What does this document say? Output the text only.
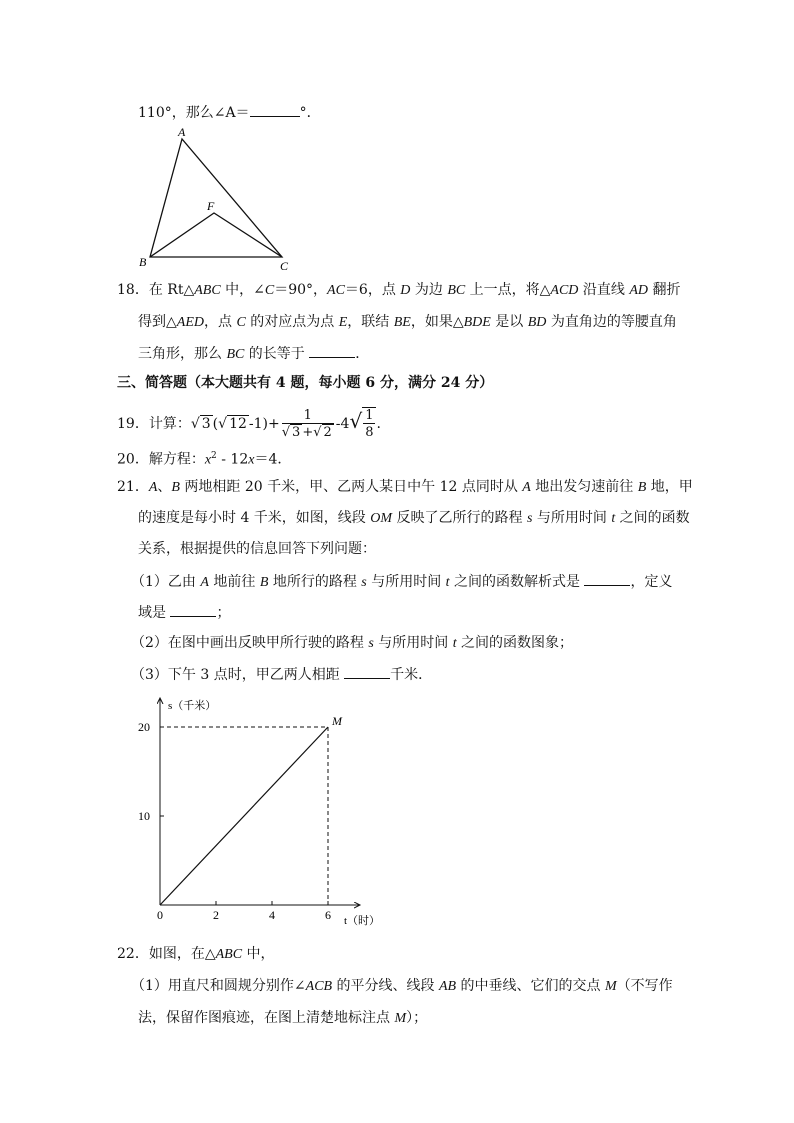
110°，那么∠A＝	°．
A
B	C
F
18．在 Rt△ABC 中，∠C＝90°，AC＝6，点 D 为边 BC 上一点，将△ACD 沿直线 AD 翻折
得到△AED，点 C 的对应点为点 E，联结 BE，如果△BDE 是以 BD 为直角边的等腰直角
三角形，那么 BC 的长等于	．
三、简答题（本大题共有 4 题，每小题 6 分，满分 24 分）
19．计算：√ 3 (√ 12 $-1)+ \frac{1}{√ 3 +√ 2} -4√ \frac{1}{8}$ .
20．解方程：$x^2 - 12x=4$．
21．A、B 两地相距 20 千米，甲、乙两人某日中午 12 点同时从 A 地出发匀速前往 B 地，甲
的速度是每小时 4 千米，如图，线段 OM 反映了乙所行的路程 s 与所用时间 t 之间的函数
关系，根据提供的信息回答下列问题：
（1）乙由 A 地前往 B 地所行的路程 s 与所用时间 t 之间的函数解析式是	，定义
域是	；
（2）在图中画出反映甲所行驶的路程 s 与所用时间 t 之间的函数图象；
（3）下午 3 点时，甲乙两人相距	千米．
s（千米）
t（时）
0	2	4	6
10
20	M
22．如图，在△ABC 中，
（1）用直尺和圆规分别作∠ACB 的平分线、线段 AB 的中垂线、它们的交点 M（不写作
法，保留作图痕迹，在图上清楚地标注点 M）；
